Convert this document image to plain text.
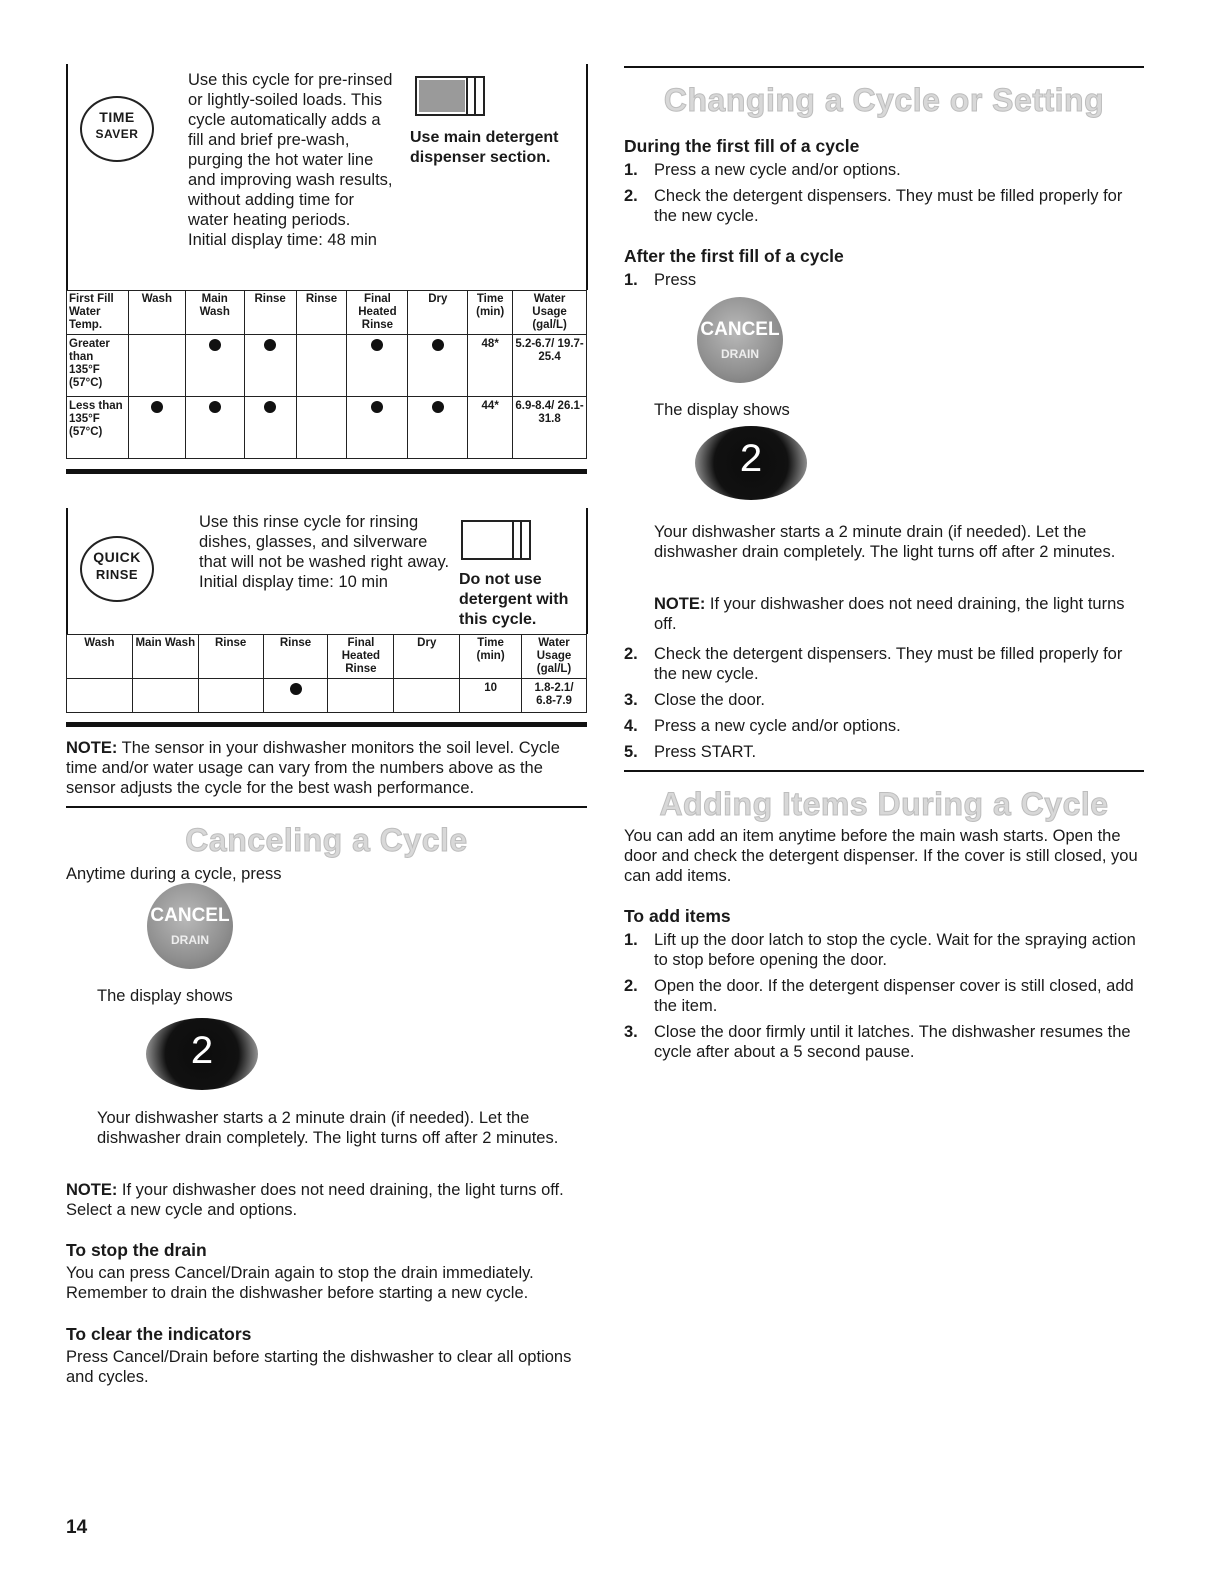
TIME
SAVER

Use this cycle for pre-rinsed or lightly-soiled loads. This cycle automatically adds a fill and brief pre-wash, purging the hot water line and improving wash results, without adding time for water heating periods.
Initial display time: 48 min

Use main detergent dispenser section.

First Fill Water Temp.	Wash	Main Wash	Rinse	Rinse	Final Heated Rinse	Dry	Time (min)	Water Usage (gal/L)
Greater than 135°F (57°C)							48*	5.2-6.7/ 19.7-25.4
Less than 135°F (57°C)							44*	6.9-8.4/ 26.1-31.8
QUICK
RINSE

Use this rinse cycle for rinsing dishes, glasses, and silverware that will not be washed right away.
Initial display time: 10 min	Do not use detergent with this cycle.

Wash	Main Wash	Rinse	Rinse	Final Heated Rinse	Dry	Time (min)	Water Usage (gal/L)
						10	1.8-2.1/ 6.8-7.9

NOTE: The sensor in your dishwasher monitors the soil level. Cycle time and/or water usage can vary from the numbers above as the sensor adjusts the cycle for the best wash performance.

Canceling a Cycle

Anytime during a cycle, press

CANCEL
DRAIN

The display shows

2

Your dishwasher starts a 2 minute drain (if needed). Let the dishwasher drain completely. The light turns off after 2 minutes.

NOTE: If your dishwasher does not need draining, the light turns off. Select a new cycle and options.

To stop the drain

You can press Cancel/Drain again to stop the drain immediately. Remember to drain the dishwasher before starting a new cycle.

To clear the indicators

Press Cancel/Drain before starting the dishwasher to clear all options and cycles.

14

Changing a Cycle or Setting

During the first fill of a cycle

1. Press a new cycle and/or options.
2. Check the detergent dispensers. They must be filled properly for the new cycle.

After the first fill of a cycle

1. Press
CANCEL
DRAIN

The display shows

2

Your dishwasher starts a 2 minute drain (if needed). Let the dishwasher drain completely. The light turns off after 2 minutes.

NOTE: If your dishwasher does not need draining, the light turns off.

2. Check the detergent dispensers. They must be filled properly for the new cycle.
3. Close the door.
4. Press a new cycle and/or options.
5. Press START.

Adding Items During a Cycle

You can add an item anytime before the main wash starts. Open the door and check the detergent dispenser. If the cover is still closed, you can add items.

To add items

1. Lift up the door latch to stop the cycle. Wait for the spraying action to stop before opening the door.
2. Open the door. If the detergent dispenser cover is still closed, add the item.
3. Close the door firmly until it latches. The dishwasher resumes the cycle after about a 5 second pause.
